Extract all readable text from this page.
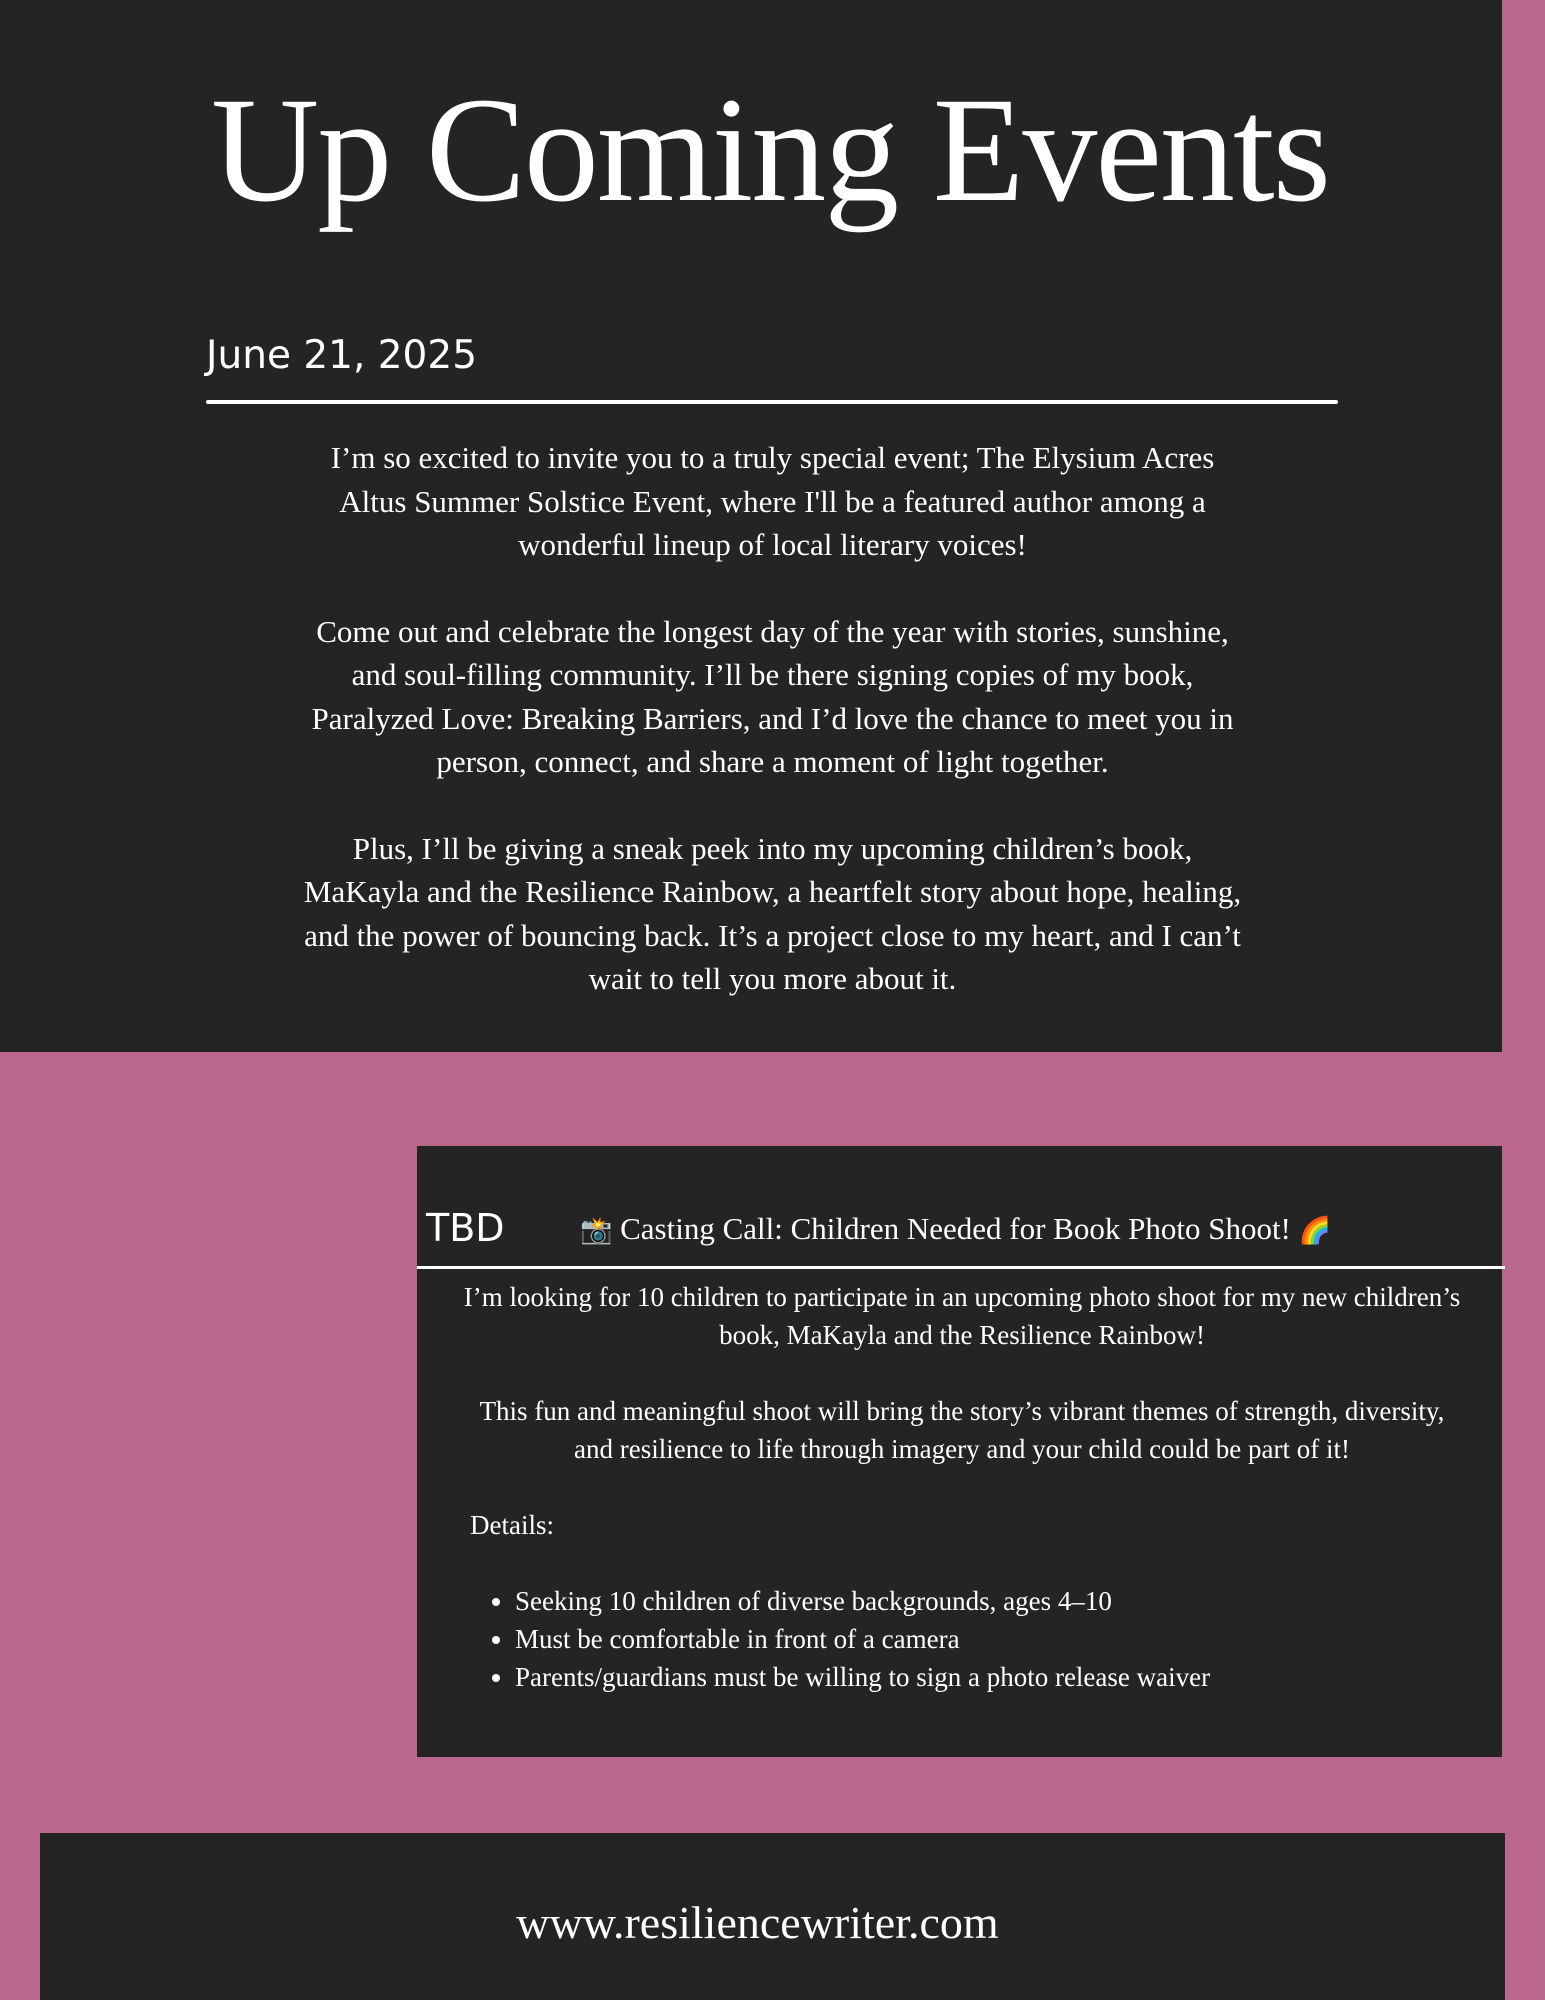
Up Coming Events
June 21, 2025

I’m so excited to invite you to a truly special event; The Elysium Acres Altus Summer Solstice Event, where I'll be a featured author among a wonderful lineup of local literary voices!

Come out and celebrate the longest day of the year with stories, sunshine, and soul-filling community. I’ll be there signing copies of my book, Paralyzed Love: Breaking Barriers, and I’d love the chance to meet you in person, connect, and share a moment of light together.

Plus, I’ll be giving a sneak peek into my upcoming children’s book, MaKayla and the Resilience Rainbow, a heartfelt story about hope, healing, and the power of bouncing back. It’s a project close to my heart, and I can’t wait to tell you more about it.

TBD	📸 Casting Call: Children Needed for Book Photo Shoot! 🌈

I’m looking for 10 children to participate in an upcoming photo shoot for my new children’s book, MaKayla and the Resilience Rainbow!

This fun and meaningful shoot will bring the story’s vibrant themes of strength, diversity, and resilience to life through imagery and your child could be part of it!

Details:

• Seeking 10 children of diverse backgrounds, ages 4–10
• Must be comfortable in front of a camera
• Parents/guardians must be willing to sign a photo release waiver
www.resiliencewriter.com
